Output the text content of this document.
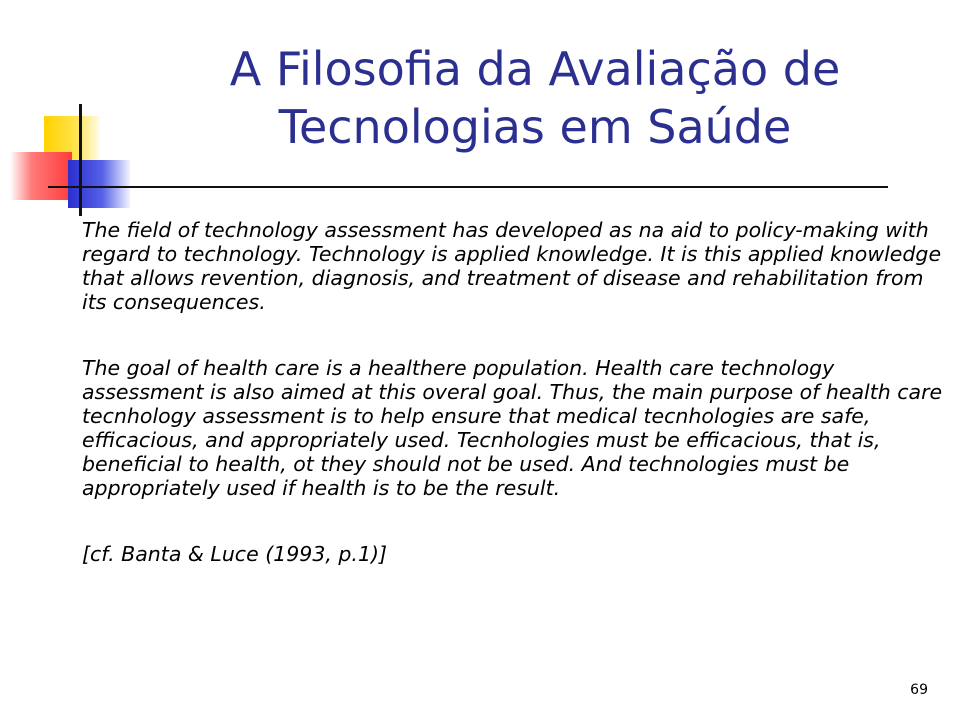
A Filosofia da Avaliação de
Tecnologias em Saúde

The field of technology assessment has developed as na aid to policy-making with regard to technology. Technology is applied knowledge. It is this applied knowledge that allows revention, diagnosis, and treatment of disease and rehabilitation from its consequences.

The goal of health care is a healthere population. Health care technology assessment is also aimed at this overal goal. Thus, the main purpose of health care tecnhology assessment is to help ensure that medical tecnhologies are safe, efficacious, and appropriately used. Tecnhologies must be efficacious, that is, beneficial to health, ot they should not be used. And technologies must be appropriately used if health is to be the result.

[cf. Banta & Luce (1993, p.1)]

69
